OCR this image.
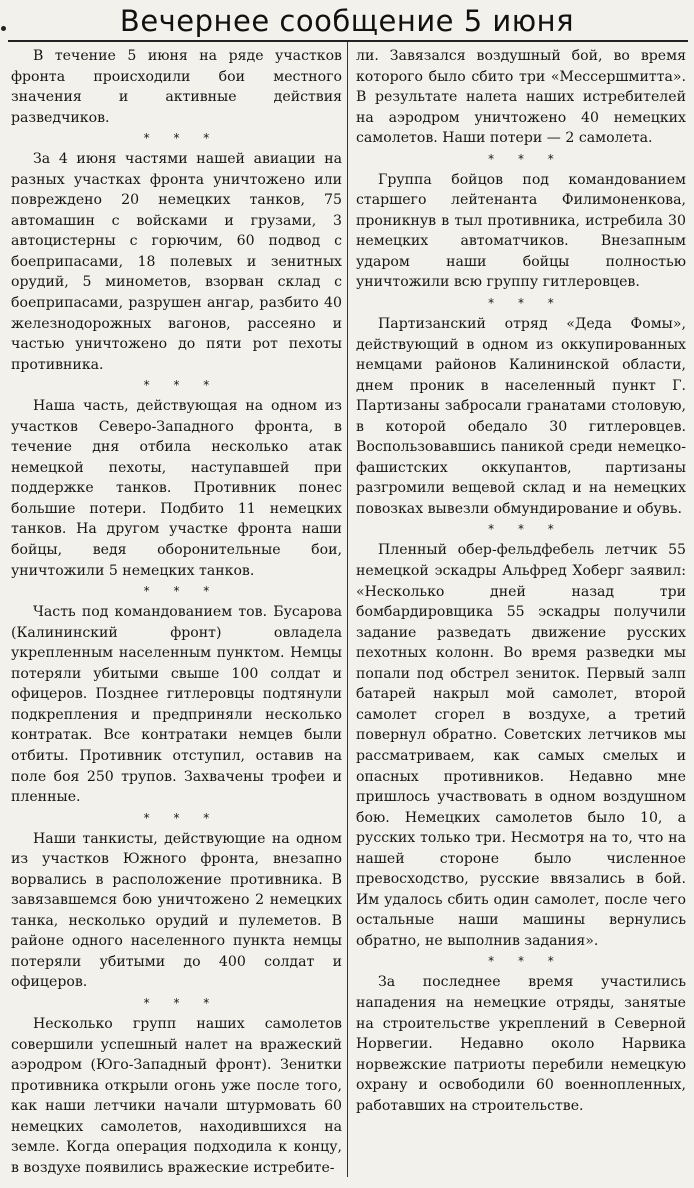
Вечернее сообщение 5 июня

В течение 5 июня на ряде участков фронта происходили бои местного значения и активные действия разведчиков.

* * *

За 4 июня частями нашей авиации на разных участках фронта уничтожено или повреждено 20 немецких танков, 75 автомашин с войсками и грузами, 3 автоцистерны с горючим, 60 подвод с боеприпасами, 18 полевых и зенитных орудий, 5 минометов, взорван склад с боеприпасами, разрушен ангар, разбито 40 железнодорожных вагонов, рассеяно и частью уничтожено до пяти рот пехоты противника.

* * *

Наша часть, действующая на одном из участков Северо-Западного фронта, в течение дня отбила несколько атак немецкой пехоты, наступавшей при поддержке танков. Противник понес большие потери. Подбито 11 немецких танков. На другом участке фронта наши бойцы, ведя оборонительные бои, уничтожили 5 немецких танков.

* * *

Часть под командованием тов. Бусарова (Калининский фронт) овладела укрепленным населенным пунктом. Немцы потеряли убитыми свыше 100 солдат и офицеров. Позднее гитлеровцы подтянули подкрепления и предприняли несколько контратак. Все контратаки немцев были отбиты. Противник отступил, оставив на поле боя 250 трупов. Захвачены трофеи и пленные.

* * *

Наши танкисты, действующие на одном из участков Южного фронта, внезапно ворвались в расположение противника. В завязавшемся бою уничтожено 2 немецких танка, несколько орудий и пулеметов. В районе одного населенного пункта немцы потеряли убитыми до 400 солдат и офицеров.

* * *

Несколько групп наших самолетов совершили успешный налет на вражеский аэродром (Юго-Западный фронт). Зенитки противника открыли огонь уже после того, как наши летчики начали штурмовать 60 немецких самолетов, находившихся на земле. Когда операция подходила к концу, в воздухе появились вражеские истребите-

ли. Завязался воздушный бой, во время которого было сбито три «Мессершмитта». В результате налета наших истребителей на аэродром уничтожено 40 немецких самолетов. Наши потери — 2 самолета.

* * *

Группа бойцов под командованием старшего лейтенанта Филимоненкова, проникнув в тыл противника, истребила 30 немецких автоматчиков. Внезапным ударом наши бойцы полностью уничтожили всю группу гитлеровцев.

* * *

Партизанский отряд «Деда Фомы», действующий в одном из оккупированных немцами районов Калининской области, днем проник в населенный пункт Г. Партизаны забросали гранатами столовую, в которой обедало 30 гитлеровцев. Воспользовавшись паникой среди немецко-фашистских оккупантов, партизаны разгромили вещевой склад и на немецких повозках вывезли обмундирование и обувь.

* * *

Пленный обер-фельдфебель летчик 55 немецкой эскадры Альфред Хоберг заявил: «Несколько дней назад три бомбардировщика 55 эскадры получили задание разведать движение русских пехотных колонн. Во время разведки мы попали под обстрел зениток. Первый залп батарей накрыл мой самолет, второй самолет сгорел в воздухе, а третий повернул обратно. Советских летчиков мы рассматриваем, как самых смелых и опасных противников. Недавно мне пришлось участвовать в одном воздушном бою. Немецких самолетов было 10, а русских только три. Несмотря на то, что на нашей стороне было численное превосходство, русские ввязались в бой. Им удалось сбить один самолет, после чего остальные наши машины вернулись обратно, не выполнив задания».

* * *

За последнее время участились нападения на немецкие отряды, занятые на строительстве укреплений в Северной Норвегии. Недавно около Нарвика норвежские патриоты перебили немецкую охрану и освободили 60 военнопленных, работавших на строительстве.
